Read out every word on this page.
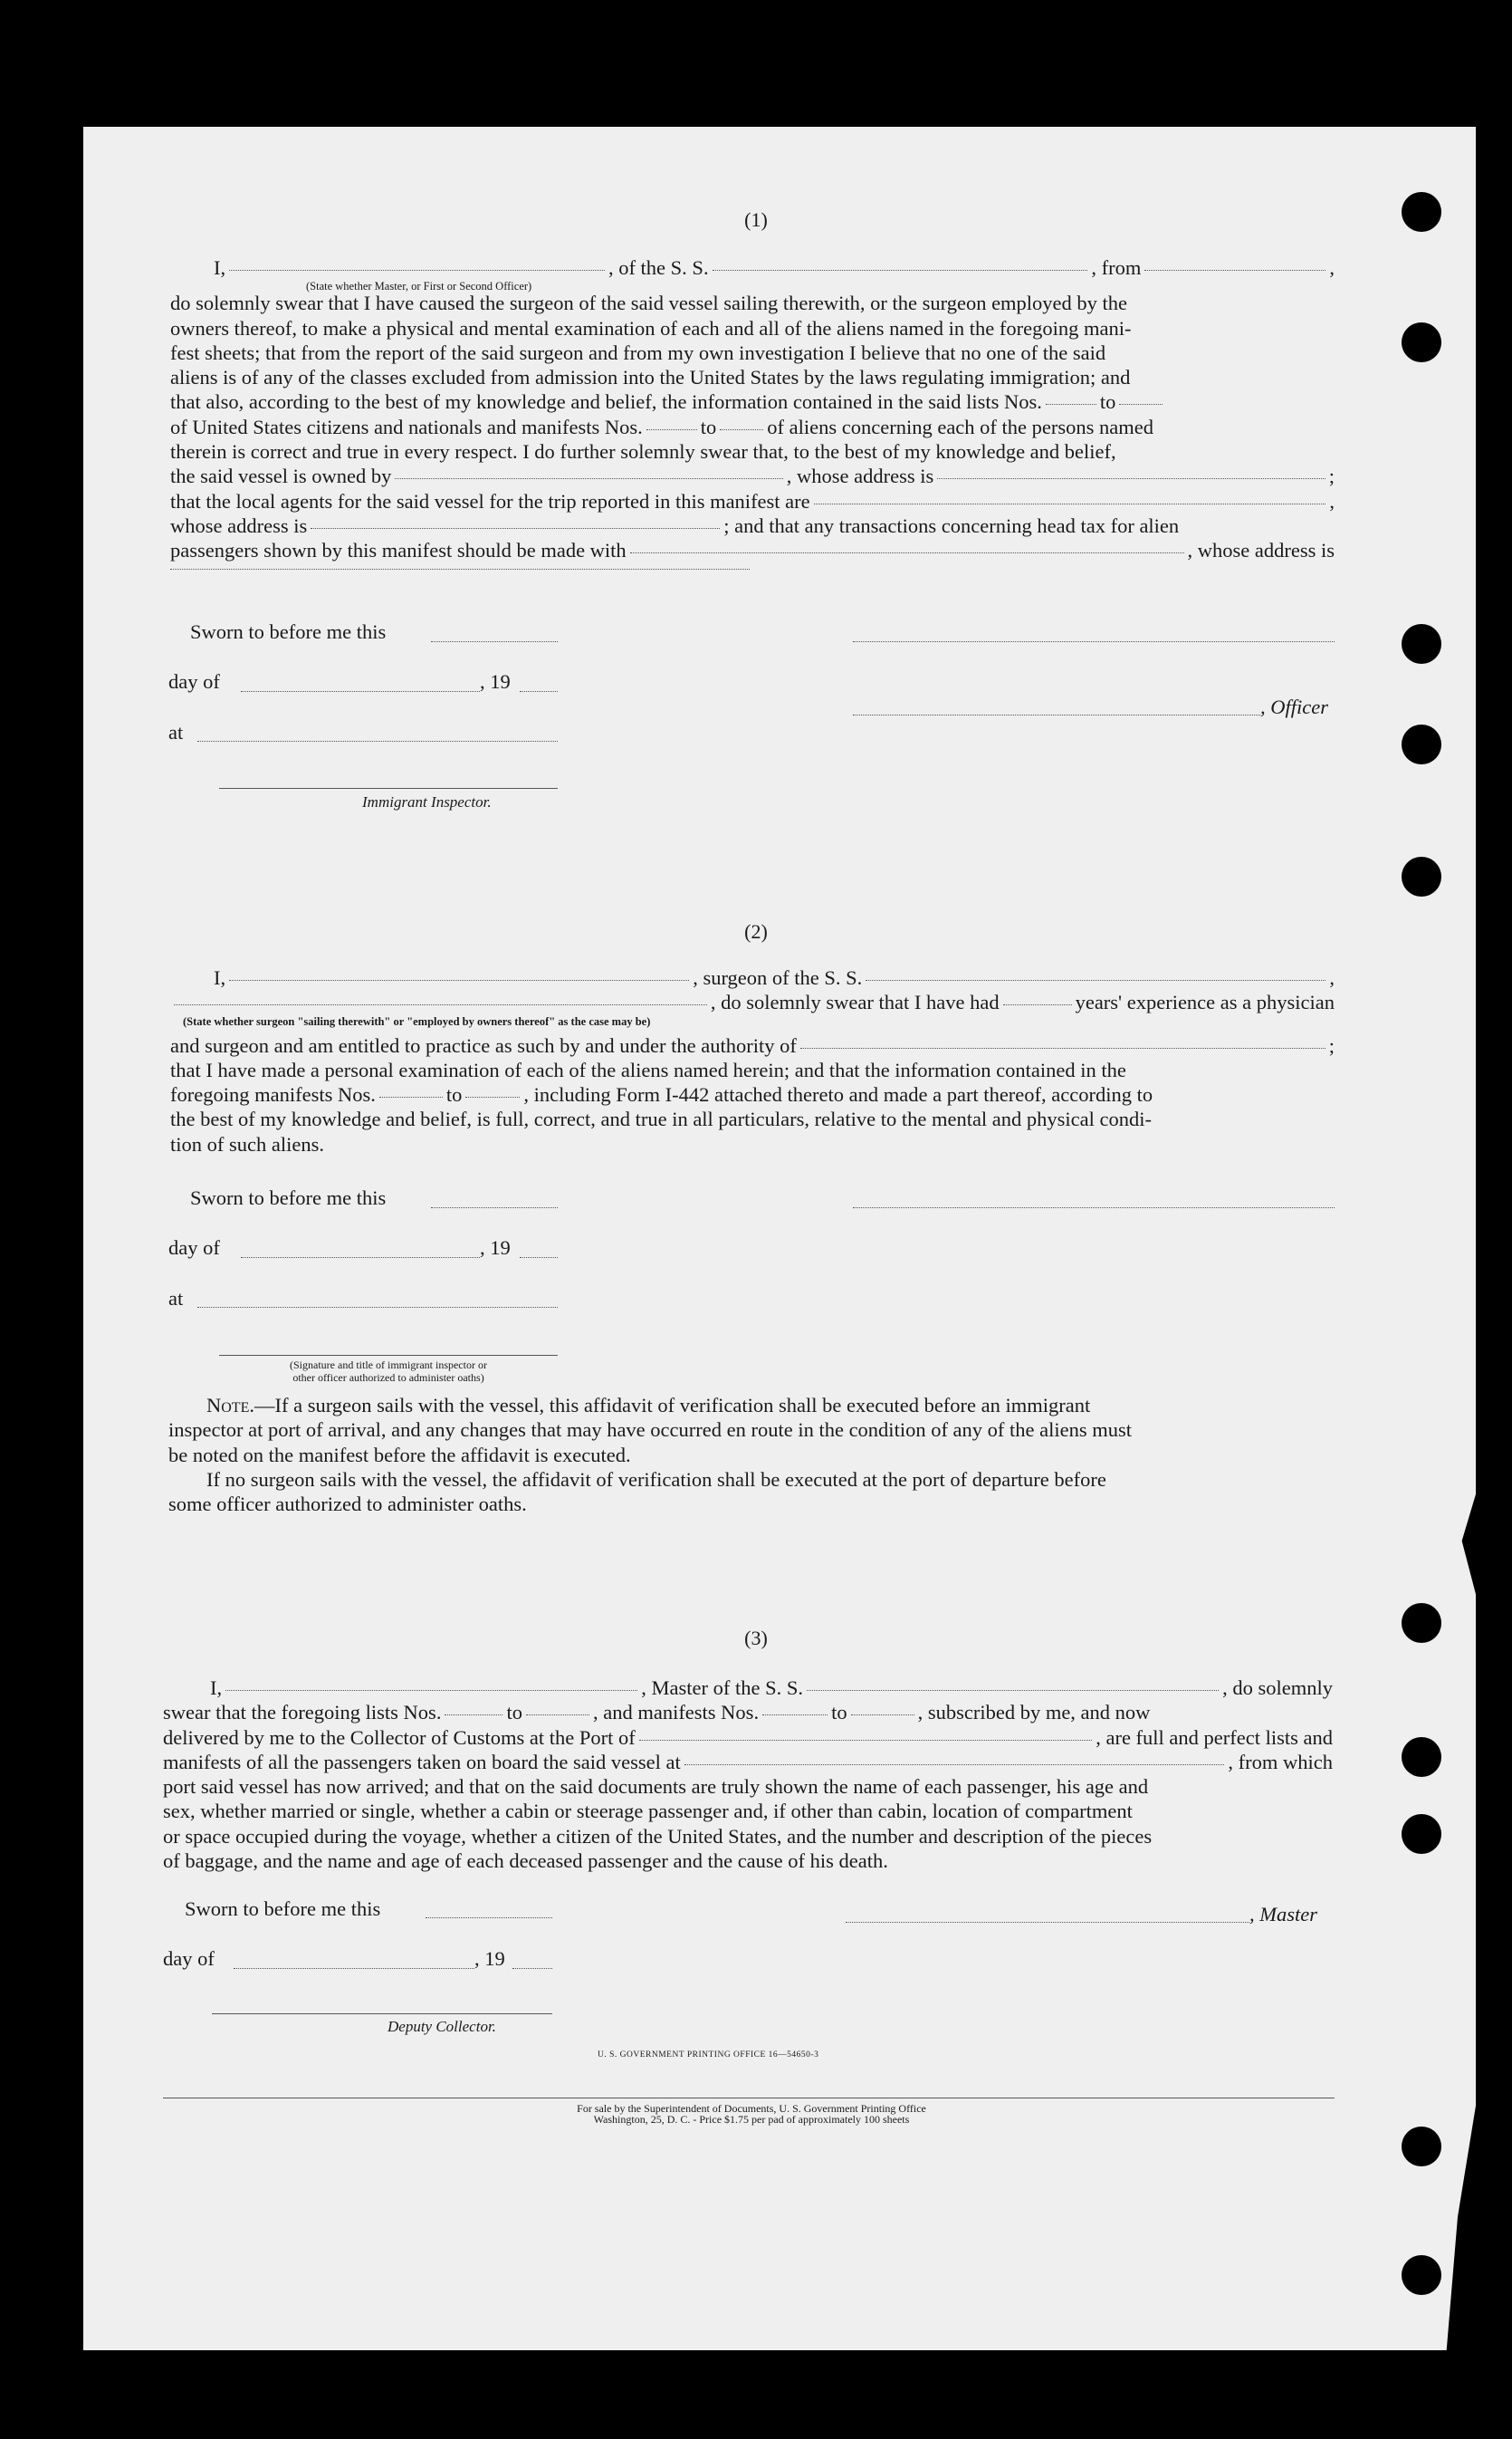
(1)
I,	, of the S. S.	, from	,
(State whether Master, or First or Second Officer)
do solemnly swear that I have caused the surgeon of the said vessel sailing therewith, or the surgeon employed by the
owners thereof, to make a physical and mental examination of each and all of the aliens named in the foregoing mani-
fest sheets; that from the report of the said surgeon and from my own investigation I believe that no one of the said
aliens is of any of the classes excluded from admission into the United States by the laws regulating immigration; and
that also, according to the best of my knowledge and belief, the information contained in the said lists Nos.	to
of United States citizens and nationals and manifests Nos.	to of aliens concerning each of the persons named
therein is correct and true in every respect. I do further solemnly swear that, to the best of my knowledge and belief,
the said vessel is owned by	, whose address is	;
that the local agents for the said vessel for the trip reported in this manifest are	,
whose address is	; and that any transactions concerning head tax for alien
passengers shown by this manifest should be made with	, whose address is
Sworn to before me this
day of	, 19
, Officer
at
Immigrant Inspector.
(2)
I,	, surgeon of the S. S.	,
, do solemnly swear that I have had	years' experience as a physician
(State whether surgeon "sailing therewith" or "employed by owners thereof" as the case may be)
and surgeon and am entitled to practice as such by and under the authority of	;
that I have made a personal examination of each of the aliens named herein; and that the information contained in the
foregoing manifests Nos.	to	, including Form I-442 attached thereto and made a part thereof, according to
the best of my knowledge and belief, is full, correct, and true in all particulars, relative to the mental and physical condi-
tion of such aliens.
Sworn to before me this
day of	, 19
at
(Signature and title of immigrant inspector or
other officer authorized to administer oaths)
Note.—If a surgeon sails with the vessel, this affidavit of verification shall be executed before an immigrant
inspector at port of arrival, and any changes that may have occurred en route in the condition of any of the aliens must
be noted on the manifest before the affidavit is executed.
If no surgeon sails with the vessel, the affidavit of verification shall be executed at the port of departure before
some officer authorized to administer oaths.
(3)
I,	, Master of the S. S.	, do solemnly
swear that the foregoing lists Nos.	to	, and manifests Nos.	to	, subscribed by me, and now
delivered by me to the Collector of Customs at the Port of	, are full and perfect lists and
manifests of all the passengers taken on board the said vessel at	, from which
port said vessel has now arrived; and that on the said documents are truly shown the name of each passenger, his age and
sex, whether married or single, whether a cabin or steerage passenger and, if other than cabin, location of compartment
or space occupied during the voyage, whether a citizen of the United States, and the number and description of the pieces
of baggage, and the name and age of each deceased passenger and the cause of his death.
Sworn to before me this	, Master
day of	, 19
Deputy Collector.
U. S. GOVERNMENT PRINTING OFFICE 16—54650-3
For sale by the Superintendent of Documents, U. S. Government Printing Office
Washington, 25, D. C. - Price $1.75 per pad of approximately 100 sheets
